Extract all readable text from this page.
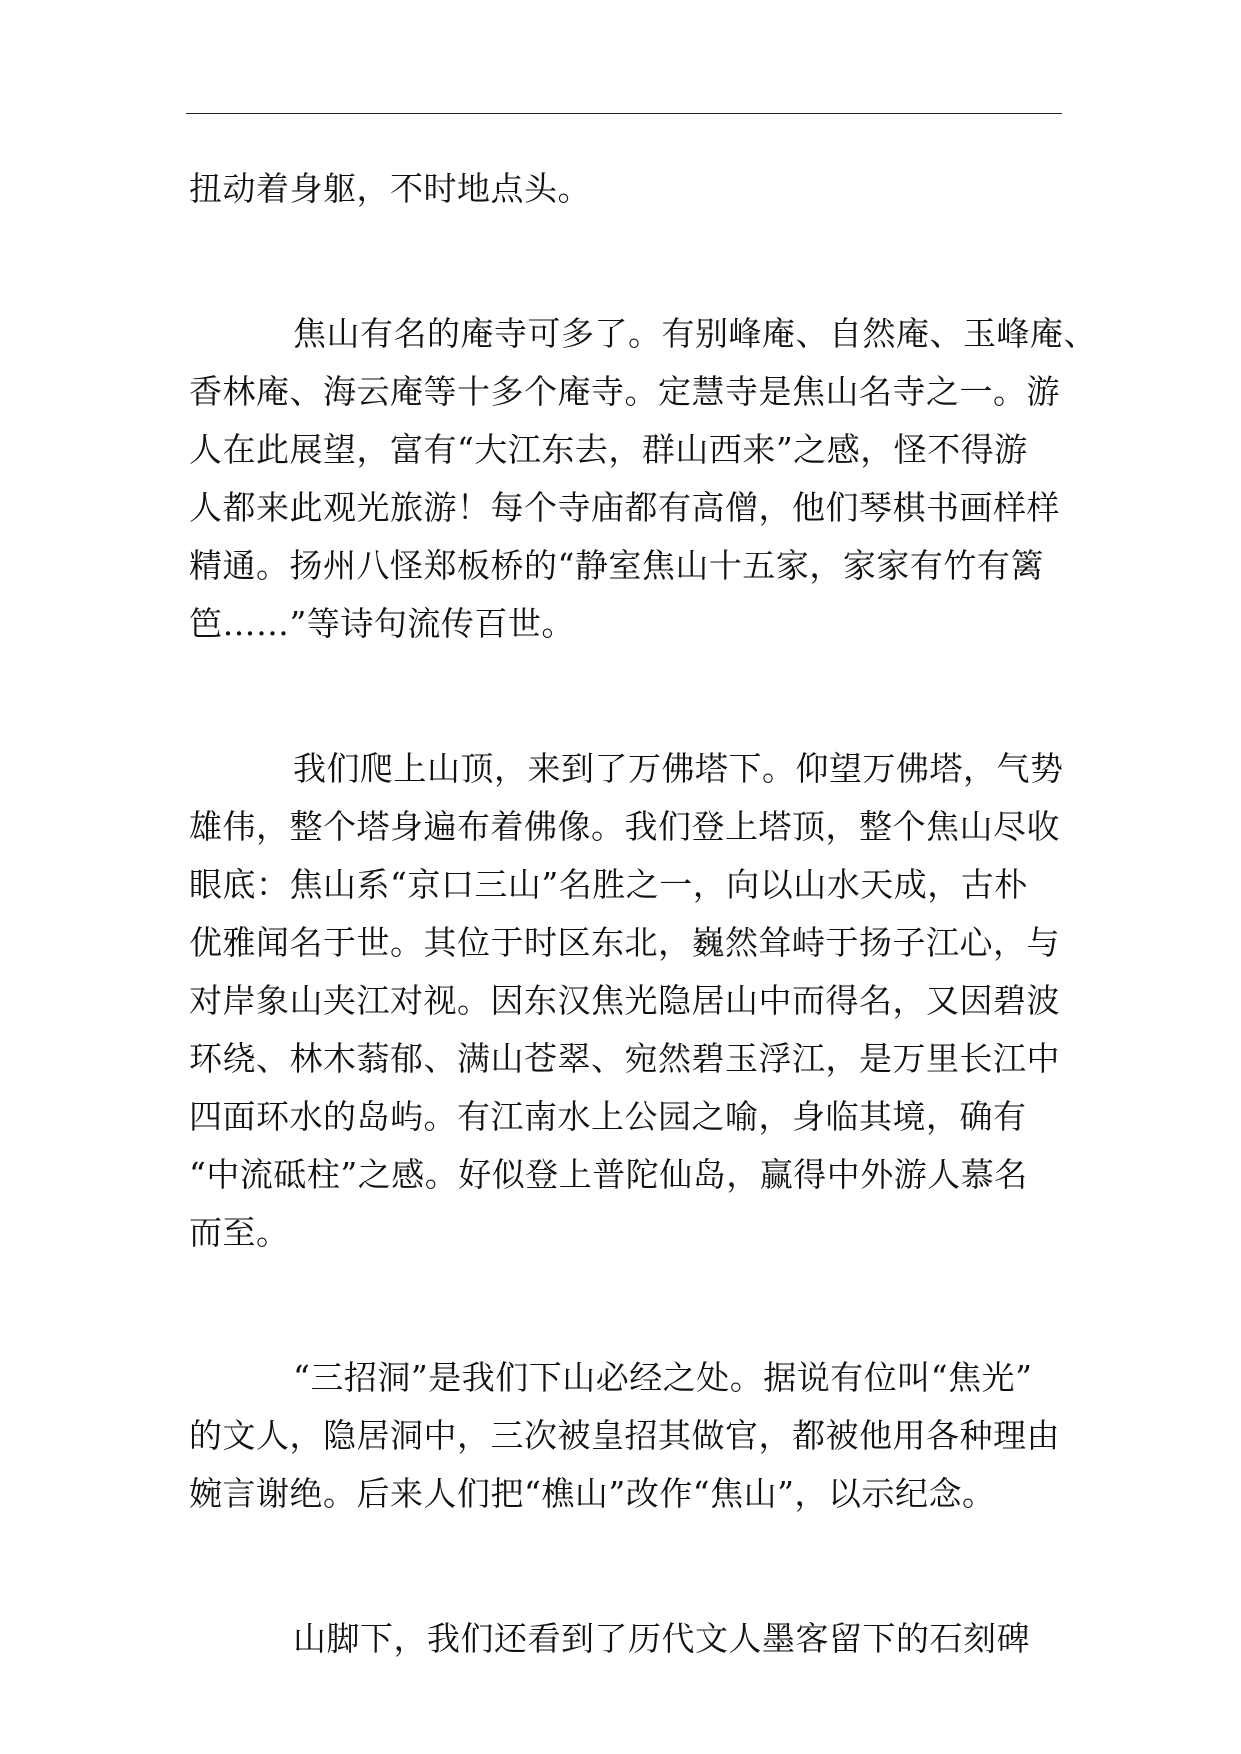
扭动着身躯，不时地点头。
焦山有名的庵寺可多了。有别峰庵、自然庵、玉峰庵、
香林庵、海云庵等十多个庵寺。定慧寺是焦山名寺之一。游
人在此展望，富有“大江东去，群山西来”之感，怪不得游
人都来此观光旅游！每个寺庙都有高僧，他们琴棋书画样样
精通。扬州八怪郑板桥的“静室焦山十五家，家家有竹有篱
笆……”等诗句流传百世。
我们爬上山顶，来到了万佛塔下。仰望万佛塔，气势
雄伟，整个塔身遍布着佛像。我们登上塔顶，整个焦山尽收
眼底：焦山系“京口三山”名胜之一，向以山水天成，古朴
优雅闻名于世。其位于时区东北，巍然耸峙于扬子江心，与
对岸象山夹江对视。因东汉焦光隐居山中而得名，又因碧波
环绕、林木蓊郁、满山苍翠、宛然碧玉浮江，是万里长江中
四面环水的岛屿。有江南水上公园之喻，身临其境，确有
“中流砥柱”之感。好似登上普陀仙岛，赢得中外游人慕名
而至。
“三招洞”是我们下山必经之处。据说有位叫“焦光”
的文人，隐居洞中，三次被皇招其做官，都被他用各种理由
婉言谢绝。后来人们把“樵山”改作“焦山”，以示纪念。
山脚下，我们还看到了历代文人墨客留下的石刻碑
